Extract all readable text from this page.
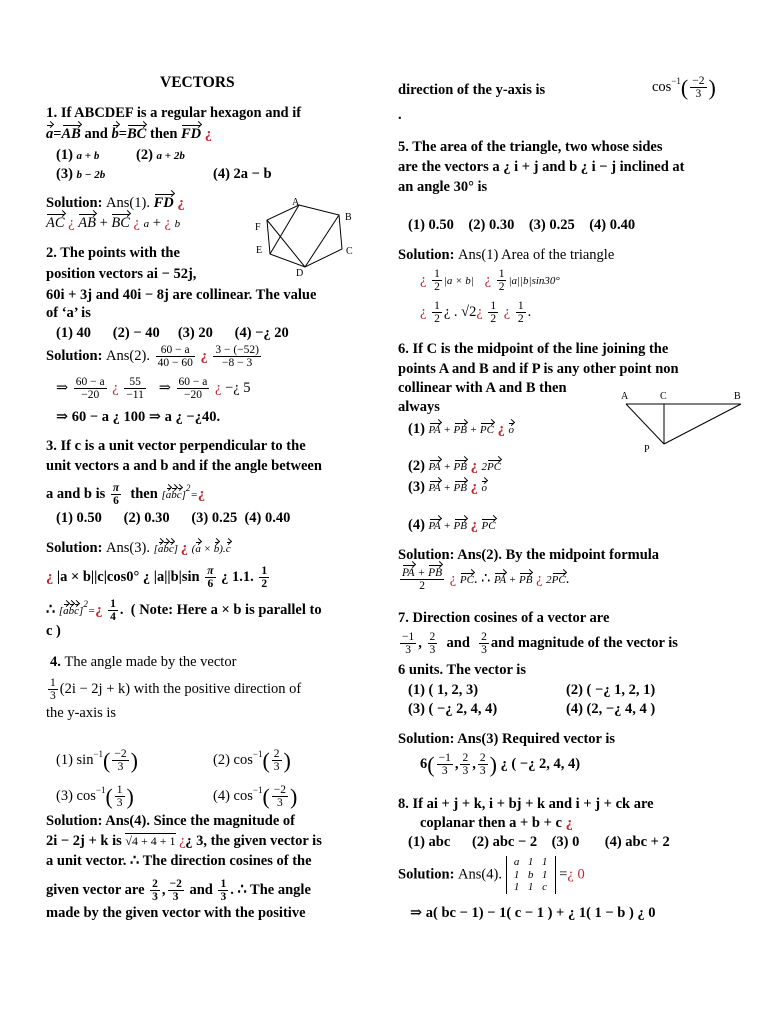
VECTORS
1. If ABCDEF is a regular hexagon and if
a=AB and b=BC then FD ¿
(1) a + b	(2) a + 2b
(3) b − 2b	(4) 2a − b
Solution: Ans(1). FD ¿
AC ¿ AB + BC ¿ a + ¿ b
A
B
C
D
E
F
2. The points with the
position vectors ai − 52j,
60i + 3j and 40i − 8j are collinear. The value
of ‘a’ is
(1) 40      (2) − 40     (3) 20      (4) −¿ 20
Solution: Ans(2). $\frac{60 - a}{40 - 60}$ ¿ $\frac{3 - (-52)}{-8 - 3}$
⇒ $\frac{60 - a}{-20}$ ¿ $\frac{55}{-11}$ ⇒ $\frac{60 - a}{-20}$ ¿ −¿ 5
⇒ 60 − a ¿ 100 ⇒ a ¿ −¿40.
3. If c is a unit vector perpendicular to the
unit vectors a and b and if the angle between
a and b is $\frac{\pi}{6}$ then [abc]$^2$=¿
(1) 0.50      (2) 0.30      (3) 0.25  (4) 0.40
Solution: Ans(3). [abc] ¿ (a × b).c
¿ |a × b||c|cos0° ¿ $|a||b|\sin \frac{\pi}{6}$ ¿ 1.1. $\frac{1}{2}$
∴ [abc]$^2$=¿ $\frac{1}{4}$ .  ( Note: Here a × b is parallel to
c )
4. The angle made by the vector
$\frac{1}{3} (2i - 2j + k)$ with the positive direction of
the y-axis is
(1) $\sin^{-1}( \frac{-2}{3}$ )	(2) $\cos^{-1}( \frac{2}{3}$ )
(3) $\cos^{-1}( \frac{1}{3}$ )	(4) $\cos^{-1}( \frac{-2}{3}$ )
Solution: Ans(4). Since the magnitude of
2i − 2j + k is √4 + 4 + 1 ¿ ¿ 3, the given vector is
a unit vector. ∴ The direction cosines of the
given vector are $\frac{2}{3}$ , $\frac{-2}{3}$ and $\frac{1}{3}$ . ∴ The angle
made by the given vector with the positive
direction of the y-axis is	$\cos^{-1}( \frac{-2}{3}$ )
.
5. The area of the triangle, two whose sides
are the vectors a ¿ i + j and b ¿ i − j inclined at
an angle 30° is
(1) 0.50    (2) 0.30    (3) 0.25    (4) 0.40
Solution: Ans(1) Area of the triangle
¿ $\frac{1}{2} |a \times b|$ ¿ $\frac{1}{2} |a||b|\sin 30^\circ$
¿ $\frac{1}{2}$ ¿ . √2¿ $\frac{1}{2}$ ¿ $\frac{1}{2}$ .
6. If C is the midpoint of the line joining the
points A and B and if P is any other point non
collinear with A and B then
always
A	C	B
P
(1) PA + PB + PC ¿ o
(2) PA + PB ¿ 2PC
(3) PA + PB ¿ o
(4) PA + PB ¿ PC
Solution: Ans(2). By the midpoint formula
$\frac{PA + PB}{2}$ ¿ PC. ∴ PA + PB ¿ 2PC.
7. Direction cosines of a vector are
$\frac{-1}{3}$ , $\frac{2}{3}$ and $\frac{2}{3}$ and magnitude of the vector is
6 units. The vector is
(1) ( 1, 2, 3)	(2) ( −¿ 1, 2, 1)
(3) ( −¿ 2, 4, 4)	(4) (2, −¿ 4, 4 )
Solution: Ans(3) Required vector is
$6( \frac{-1}{3}$ , $\frac{2}{3}$ , $\frac{2}{3}$ ) ¿ ( −¿ 2, 4, 4)
8. If ai + j + k, i + bj + k and i + j + ck are
coplanar then a + b + c ¿
(1) abc      (2) abc − 2    (3) 0       (4) abc + 2
Solution: Ans(4). a 1 1
1 b 1
1 1 c =¿ 0
⇒ a( bc − 1) − 1( c − 1 ) + ¿ 1( 1 − b ) ¿ 0
